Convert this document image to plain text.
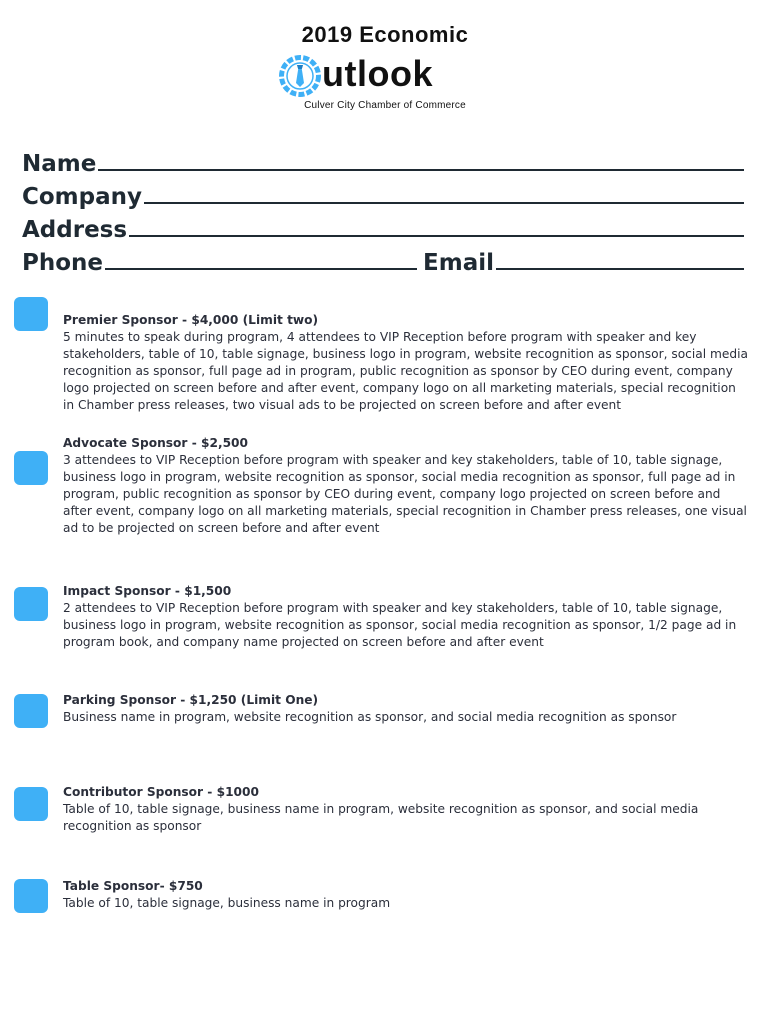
2019 Economic
utlook
Culver City Chamber of Commerce
Name
Company
Address
Phone	Email
Premier Sponsor - $4,000 (Limit two)
5 minutes to speak during program, 4 attendees to VIP Reception before program with speaker and key stakeholders, table of 10, table signage, business logo in program, website recognition as sponsor, social media recognition as sponsor, full page ad in program, public recognition as sponsor by CEO during event, company logo projected on screen before and after event, company logo on all marketing materials, special recognition in Chamber press releases, two visual ads to be projected on screen before and after event
Advocate Sponsor - $2,500
3 attendees to VIP Reception before program with speaker and key stakeholders, table of 10, table signage, business logo in program, website recognition as sponsor, social media recognition as sponsor, full page ad in program, public recognition as sponsor by CEO during event, company logo projected on screen before and after event, company logo on all marketing materials, special recognition in Chamber press releases, one visual ad to be projected on screen before and after event
Impact Sponsor - $1,500
2 attendees to VIP Reception before program with speaker and key stakeholders, table of 10, table signage, business logo in program, website recognition as sponsor, social media recognition as sponsor, 1/2 page ad in program book, and company name projected on screen before and after event
Parking Sponsor - $1,250 (Limit One)
Business name in program, website recognition as sponsor, and social media recognition as sponsor
Contributor Sponsor - $1000
Table of 10, table signage, business name in program, website recognition as sponsor, and social media recognition as sponsor
Table Sponsor- $750
Table of 10, table signage, business name in program
